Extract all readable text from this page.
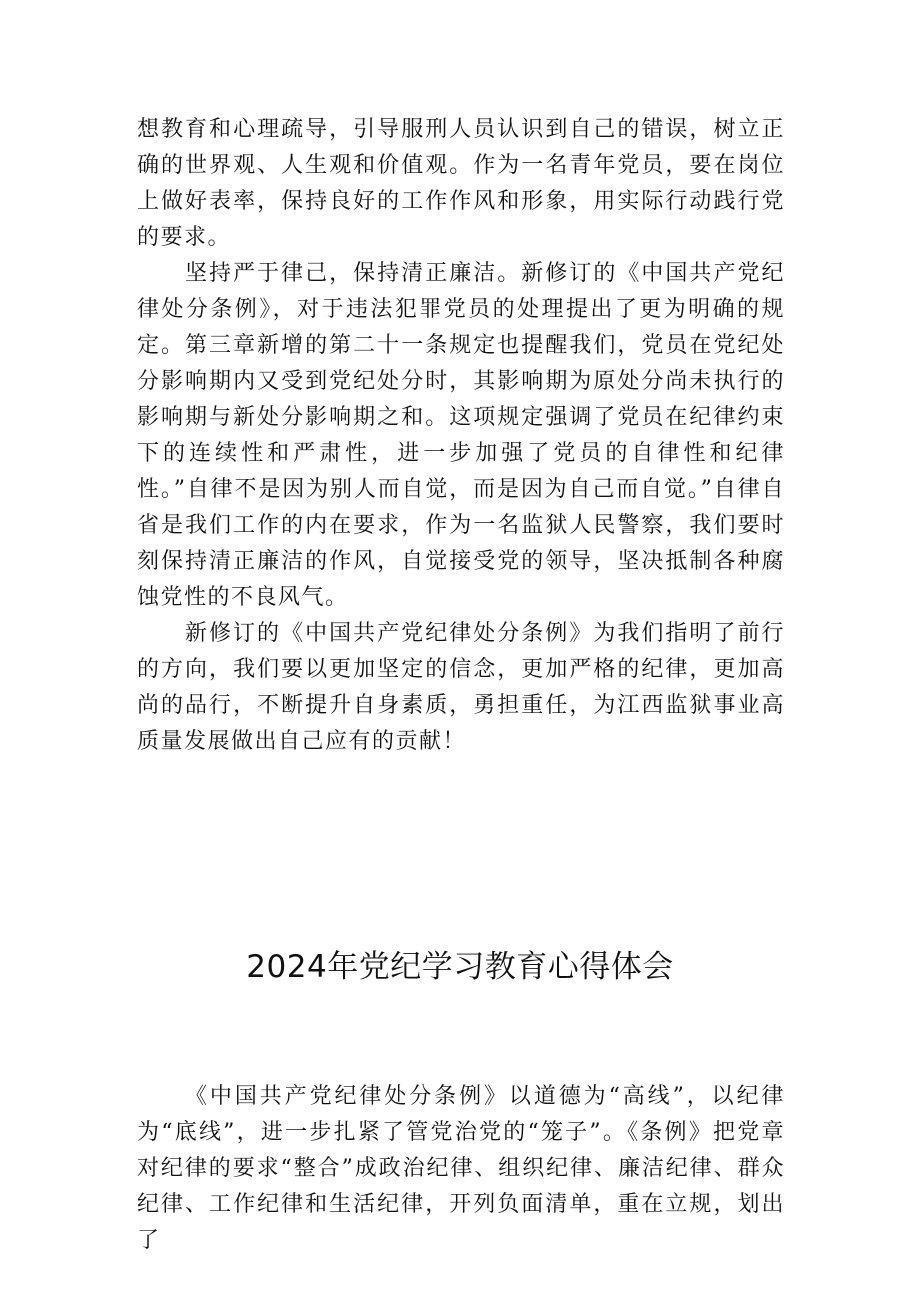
想教育和心理疏导，引导服刑人员认识到自己的错误，树立正确的世界观、人生观和价值观。作为一名青年党员，要在岗位上做好表率，保持良好的工作作风和形象，用实际行动践行党的要求。

坚持严于律己，保持清正廉洁。新修订的《中国共产党纪律处分条例》，对于违法犯罪党员的处理提出了更为明确的规定。第三章新增的第二十一条规定也提醒我们，党员在党纪处分影响期内又受到党纪处分时，其影响期为原处分尚未执行的影响期与新处分影响期之和。这项规定强调了党员在纪律约束下的连续性和严肃性，进一步加强了党员的自律性和纪律性。”自律不是因为别人而自觉，而是因为自己而自觉。”自律自省是我们工作的内在要求，作为一名监狱人民警察，我们要时刻保持清正廉洁的作风，自觉接受党的领导，坚决抵制各种腐蚀党性的不良风气。

新修订的《中国共产党纪律处分条例》为我们指明了前行的方向，我们要以更加坚定的信念，更加严格的纪律，更加高尚的品行，不断提升自身素质，勇担重任，为江西监狱事业高质量发展做出自己应有的贡献！

2024年党纪学习教育心得体会

《中国共产党纪律处分条例》以道德为“高线”，以纪律为“底线”，进一步扎紧了管党治党的“笼子”。《条例》把党章对纪律的要求“整合”成政治纪律、组织纪律、廉洁纪律、群众纪律、工作纪律和生活纪律，开列负面清单，重在立规，划出了
